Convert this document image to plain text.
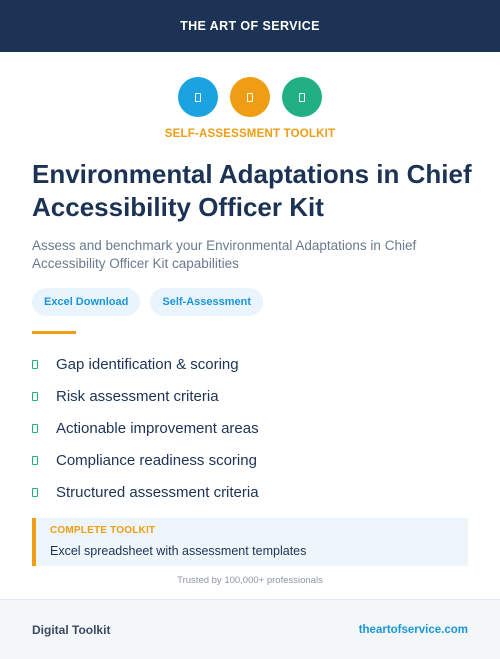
THE ART OF SERVICE
SELF-ASSESSMENT TOOLKIT
Environmental Adaptations in Chief Accessibility Officer Kit

Assess and benchmark your Environmental Adaptations in Chief Accessibility Officer Kit capabilities

Excel Download	Self-Assessment
Gap identification & scoring
Risk assessment criteria
Actionable improvement areas
Compliance readiness scoring
Structured assessment criteria
COMPLETE TOOLKIT
Excel spreadsheet with assessment templates
Trusted by 100,000+ professionals
Digital Toolkit	theartofservice.com
